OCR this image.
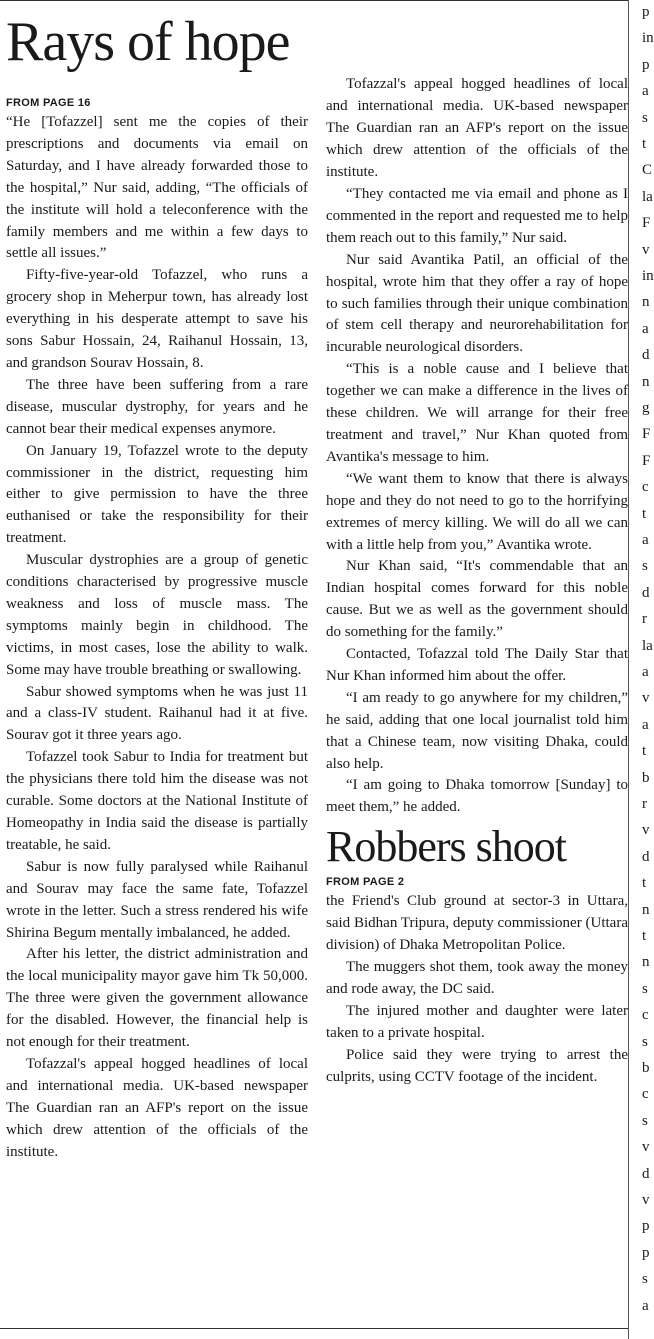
Rays of hope
FROM PAGE 16

“He [Tofazzel] sent me the copies of their prescriptions and documents via email on Saturday, and I have already forwarded those to the hospital,” Nur said, adding, “The officials of the institute will hold a teleconference with the family members and me within a few days to settle all issues.”

Fifty-five-year-old Tofazzel, who runs a grocery shop in Meherpur town, has already lost everything in his desperate attempt to save his sons Sabur Hossain, 24, Raihanul Hossain, 13, and grandson Sourav Hossain, 8.

The three have been suffering from a rare disease, muscular dystrophy, for years and he cannot bear their medical expenses anymore.

On January 19, Tofazzel wrote to the deputy commissioner in the district, requesting him either to give permission to have the three euthanised or take the responsibility for their treatment.

Muscular dystrophies are a group of genetic conditions characterised by progressive muscle weakness and loss of muscle mass. The symptoms mainly begin in childhood. The victims, in most cases, lose the ability to walk. Some may have trouble breathing or swallowing.

Sabur showed symptoms when he was just 11 and a class-IV student. Raihanul had it at five. Sourav got it three years ago.

Tofazzel took Sabur to India for treatment but the physicians there told him the disease was not curable. Some doctors at the National Institute of Homeopathy in India said the disease is partially treatable, he said.

Sabur is now fully paralysed while Raihanul and Sourav may face the same fate, Tofazzel wrote in the letter. Such a stress rendered his wife Shirina Begum mentally imbalanced, he added.

After his letter, the district administration and the local municipality mayor gave him Tk 50,000. The three were given the government allowance for the disabled. However, the financial help is not enough for their treatment.

Tofazzal's appeal hogged headlines of local and international media. UK-based newspaper The Guardian ran an AFP's report on the issue which drew attention of the officials of the institute.

Tofazzal's appeal hogged headlines of local and international media. UK-based newspaper The Guardian ran an AFP's report on the issue which drew attention of the officials of the institute.

“They contacted me via email and phone as I commented in the report and requested me to help them reach out to this family,” Nur said.

Nur said Avantika Patil, an official of the hospital, wrote him that they offer a ray of hope to such families through their unique combination of stem cell therapy and neurorehabilitation for incurable neurological disorders.

“This is a noble cause and I believe that together we can make a difference in the lives of these children. We will arrange for their free treatment and travel,” Nur Khan quoted from Avantika's message to him.

“We want them to know that there is always hope and they do not need to go to the horrifying extremes of mercy killing. We will do all we can with a little help from you,” Avantika wrote.

Nur Khan said, “It's commendable that an Indian hospital comes forward for this noble cause. But we as well as the government should do something for the family.”

Contacted, Tofazzal told The Daily Star that Nur Khan informed him about the offer.

“I am ready to go anywhere for my children,” he said, adding that one local journalist told him that a Chinese team, now visiting Dhaka, could also help.

“I am going to Dhaka tomorrow [Sunday] to meet them,” he added.

Robbers shoot
FROM PAGE 2

the Friend's Club ground at sector-3 in Uttara, said Bidhan Tripura, deputy commissioner (Uttara division) of Dhaka Metropolitan Police.

The muggers shot them, took away the money and rode away, the DC said.

The injured mother and daughter were later taken to a private hospital.

Police said they were trying to arrest the culprits, using CCTV footage of the incident.

p
in
p
a
s
t
C
la
F
v
in
n
a
d
n
g
F
F
c
t
a
s
d
r
la
a
v
a
t
b
r
v
d
t
n
t
n
s
c
s
b
c
s
v
d
v
p
p
s
a
